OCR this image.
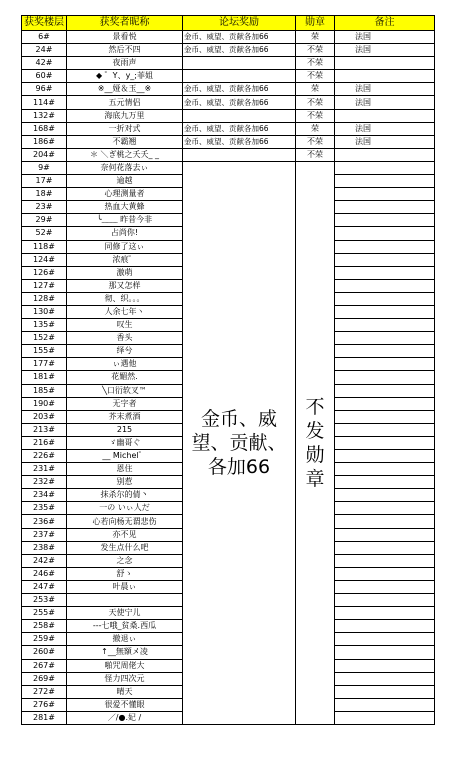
获奖楼层	获奖者昵称	论坛奖励	勋章	备注
6#	景看悦	金币、威望、贡献各加66	荣	法国
24#	然后不四	金币、威望、贡献各加66	不荣	法国
42#	夜雨声		不荣	
60#	◆ ゜Y、y_;菲姐		不荣	
96#	※__娅＆玉__※	金币、威望、贡献各加66	荣	法国
114#	五元情侣	金币、威望、贡献各加66	不荣	法国
132#	海底九万里		不荣	
168#	一折对式	金币、威望、贡献各加66	荣	法国
186#	不霸翘	金币、威望、贡献各加66	不荣	法国
204#	＊ ＼ぎ桃之夭夭_ _		不荣	
9#	奈何花落去ぃ	金币、威望、贡献、各加66	不发勋章	
17#	逾越			
18#	心理测量者			
23#	热血大黄蜂			
29#	╰﹏﹏ 昨昔今非			
52#	占尚你!			
118#	同修了这ぃ			
124#	浓痕゜			
126#	激萌			
127#	那又怎样			
128#	彻、织。。。			
130#	人余七年ヽ			
135#	叹生			
152#	香头			
155#	绎兮			
177#	ぃ遇他			
181#	花媚然.			
185#	╲口衍软叉™			
190#	无字者			
203#	芥末煮酒			
213#	215			
216#	ゞ幽哥ぐ			
226#	__ Michel゜			
231#	恩住			
232#	别惹			
234#	抹杀尔的倩丶			
235#	一の いぃ人だ			
236#	心若向杨无谓悲伤			
237#	亦不见			
238#	发生点什么吧			
242#	之念			
246#	舒ゝ			
247#	叶晨ぃ			
253#				
255#	天使宁儿			
258#	---七哦_贫桑.西瓜			
259#	撤退ぃ			
260#	↑__無額メ凌			
267#	啪咒周佬大			
269#	怪力四次元			
272#	晴天			
276#	很爱不懂眼			
281#	／/●.妃 /			
